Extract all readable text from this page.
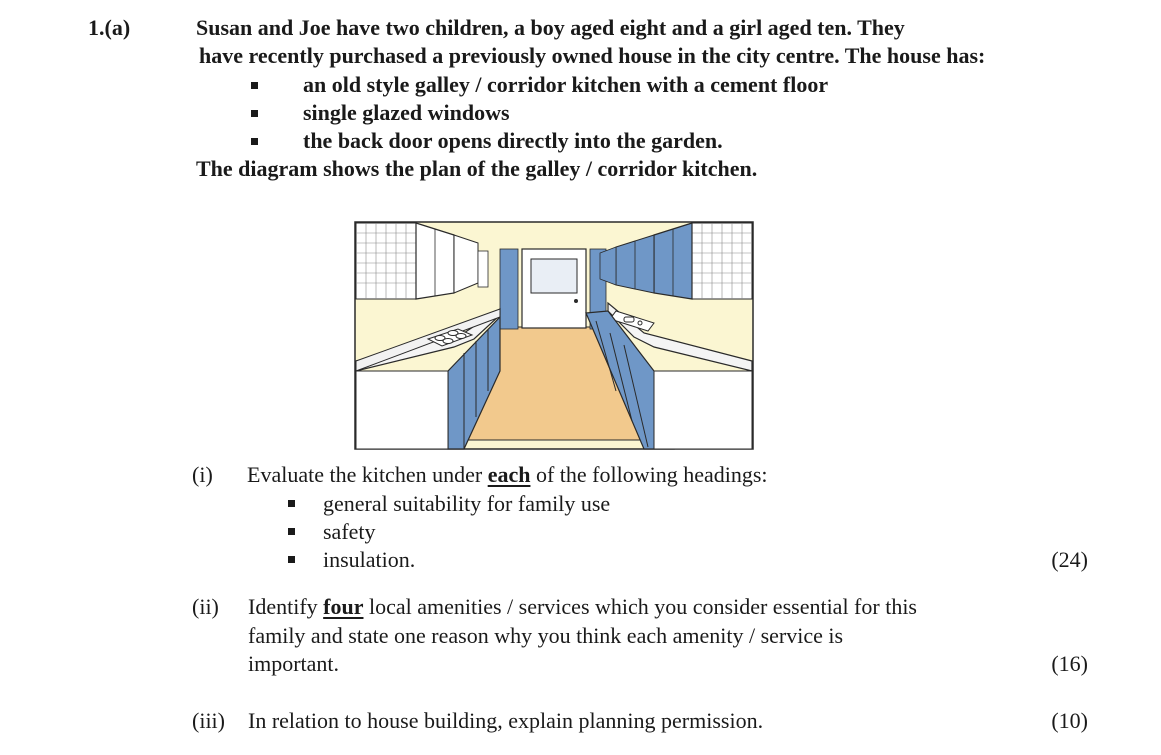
1.(a)	Susan and Joe have two children, a boy aged eight and a girl aged ten. They
have recently purchased a previously owned house in the city centre. The house has:
an old style galley / corridor kitchen with a cement floor
single glazed windows
the back door opens directly into the garden.
The diagram shows the plan of the galley / corridor kitchen.
(i) Evaluate the kitchen under each of the following headings:
general suitability for family use
safety
insulation.	(24)
(ii) Identify four local amenities / services which you consider essential for this
family and state one reason why you think each amenity / service is
important.	(16)
(iii) In relation to house building, explain planning permission.	(10)
